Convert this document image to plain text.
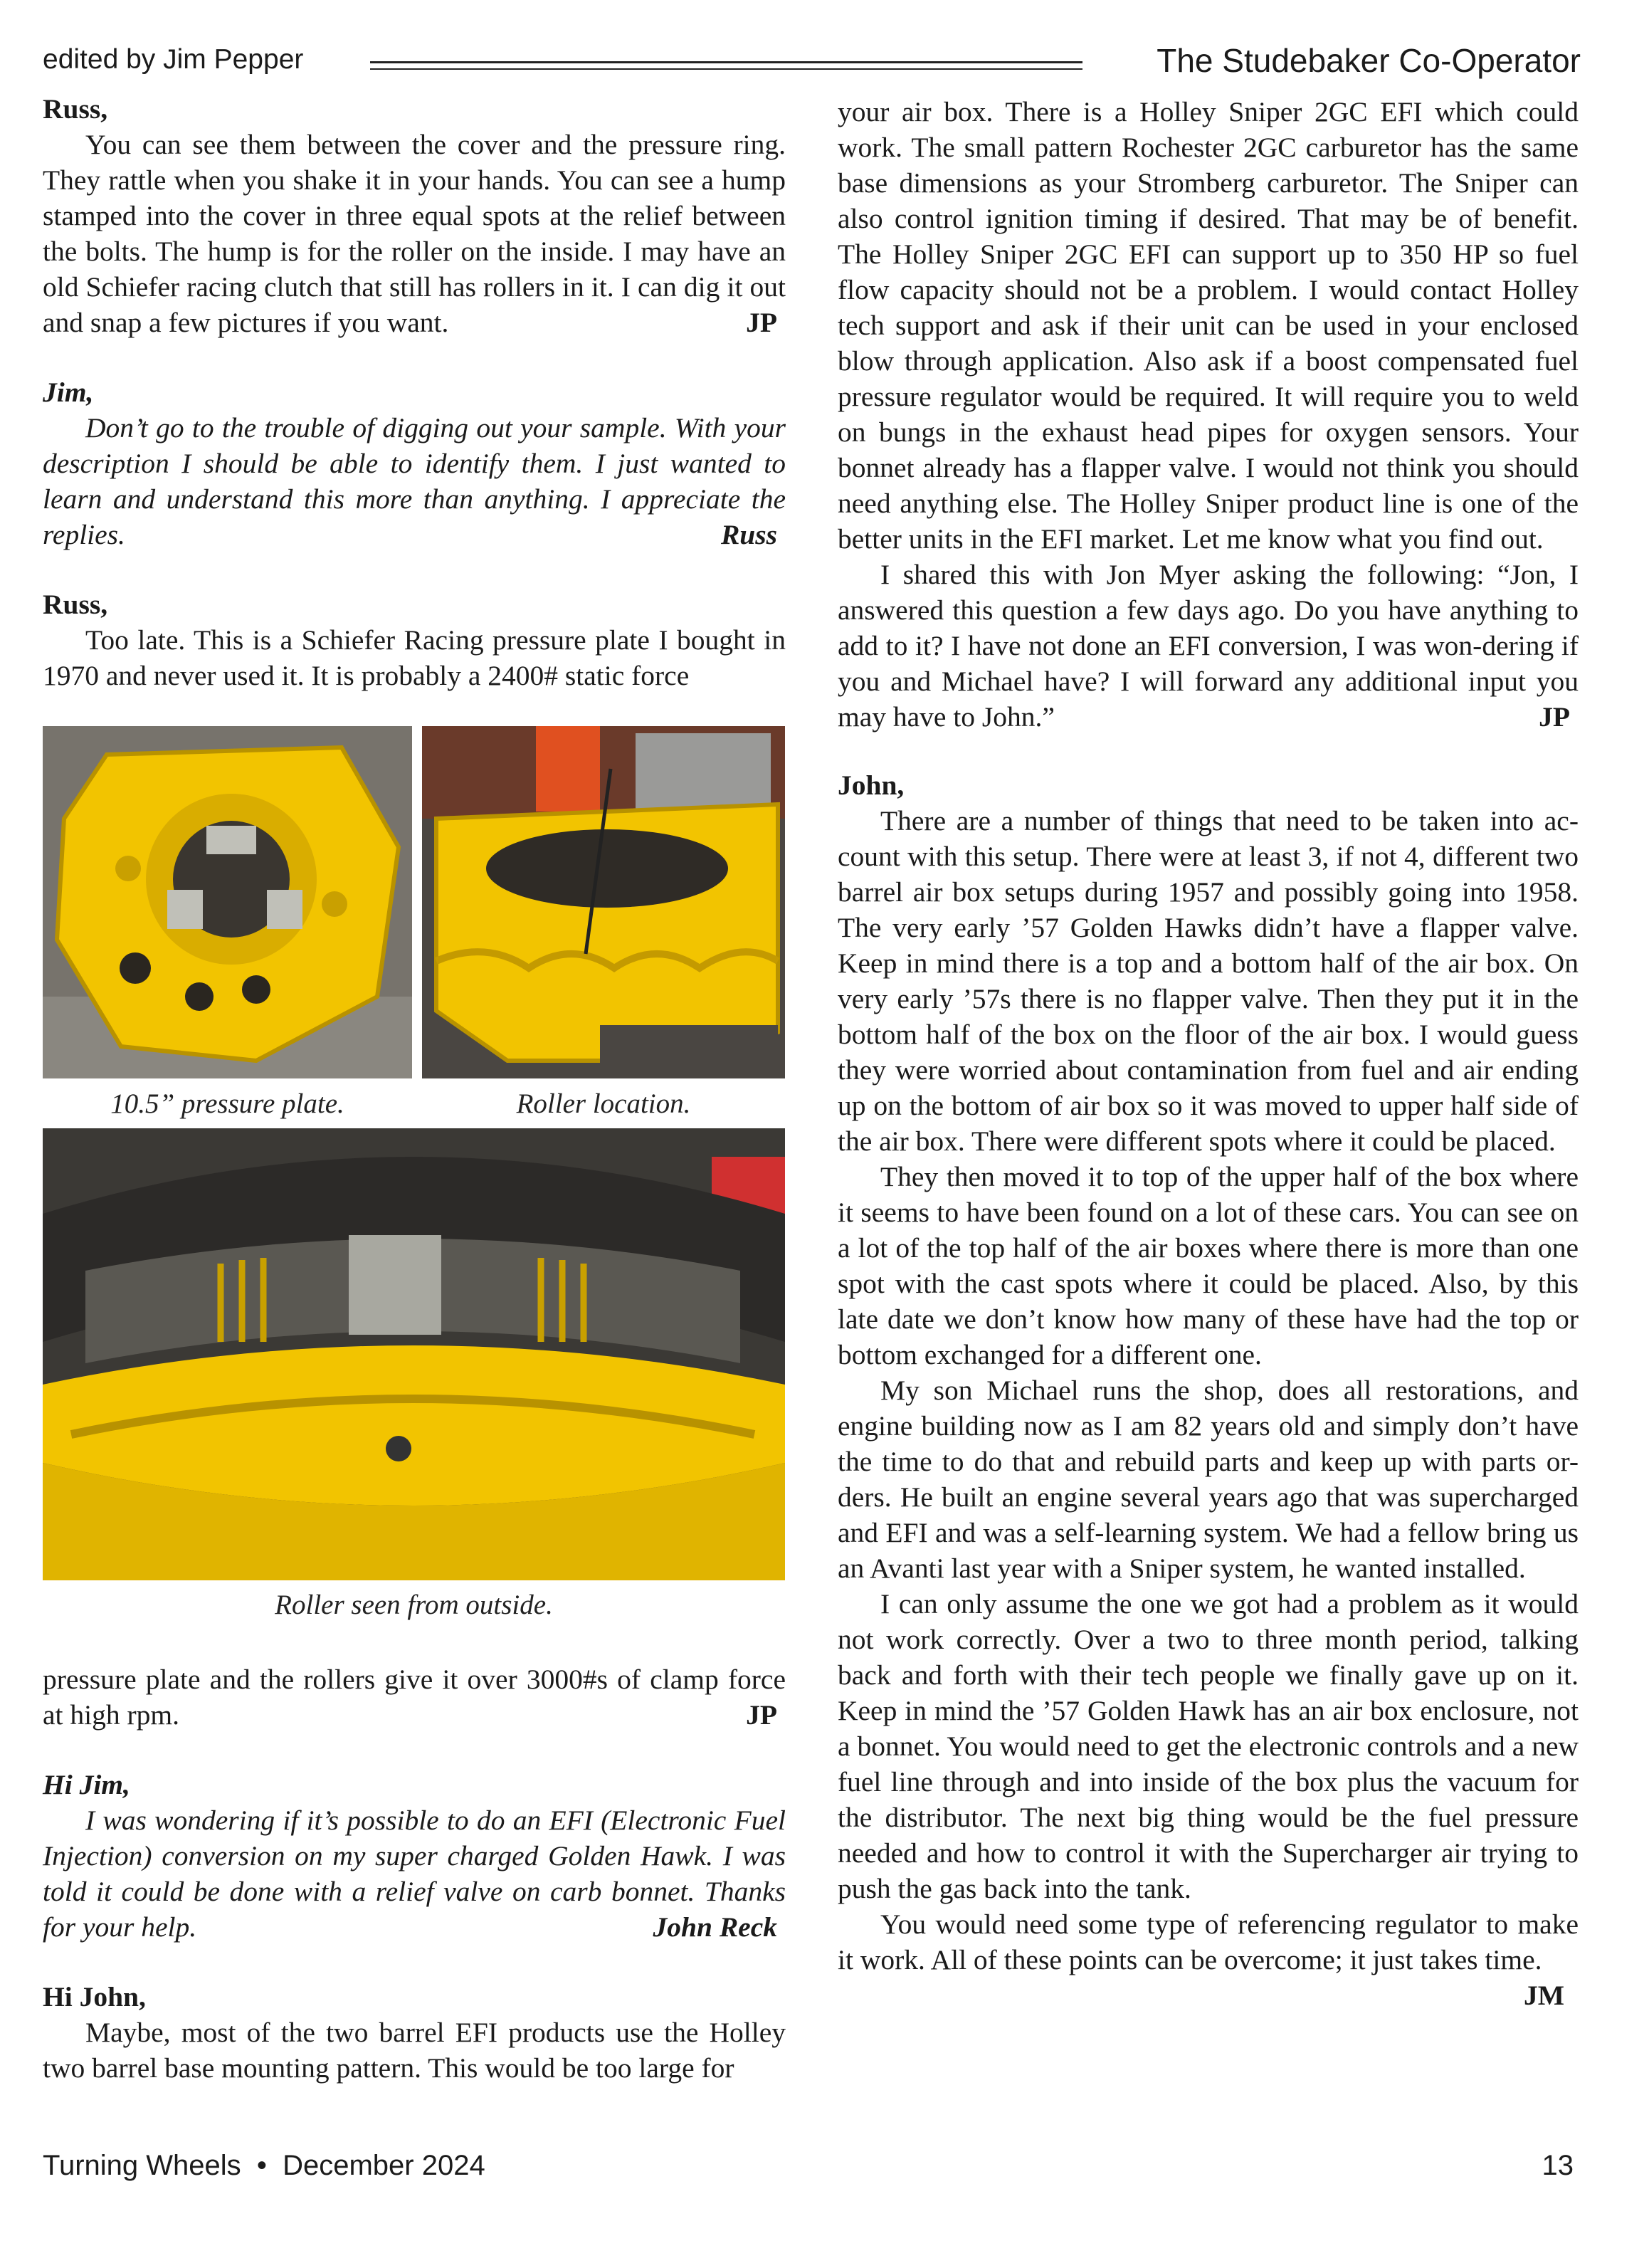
edited by Jim Pepper	The Studebaker Co-Operator
Russ,

You can see them between the cover and the pressure ring. They rattle when you shake it in your hands. You can see a hump stamped into the cover in three equal spots at the relief between the bolts. The hump is for the roller on the inside. I may have an old Schiefer racing clutch that still has rollers in it. I can dig it out and snap a few pictures if you want.	JP

Jim,

Don’t go to the trouble of digging out your sample. With your description I should be able to identify them. I just wanted to learn and understand this more than anything. I appreciate the replies.	Russ

Russ,

Too late. This is a Schiefer Racing pressure plate I bought in 1970 and never used it. It is probably a 2400# static force

10.5” pressure plate.	Roller location.
Roller seen from outside.

pressure plate and the rollers give it over 3000#s of clamp force at high rpm.	JP

Hi Jim,

I was wondering if it’s possible to do an EFI (Electronic Fuel Injection) conversion on my super charged Golden Hawk. I was told it could be done with a relief valve on carb bonnet. Thanks for your help.	John Reck

Hi John,

Maybe, most of the two barrel EFI products use the Holley two barrel base mounting pattern. This would be too large for

your air box. There is a Holley Sniper 2GC EFI which could work. The small pattern Rochester 2GC carburetor has the same base dimensions as your Stromberg carburetor. The Sniper can also control ignition timing if desired. That may be of benefit. The Holley Sniper 2GC EFI can support up to 350 HP so fuel flow capacity should not be a problem. I would contact Holley tech support and ask if their unit can be used in your enclosed blow through application. Also ask if a boost compensated fuel pressure regulator would be required. It will require you to weld on bungs in the exhaust head pipes for oxygen sensors. Your bonnet already has a flapper valve. I would not think you should need anything else. The Holley Sniper product line is one of the better units in the EFI market. Let me know what you find out.

I shared this with Jon Myer asking the following: “Jon, I answered this question a few days ago. Do you have anything to add to it? I have not done an EFI conversion, I was won-dering if you and Michael have? I will forward any additional input you may have to John.”	JP

John,

There are a number of things that need to be taken into ac-count with this setup. There were at least 3, if not 4, different two barrel air box setups during 1957 and possibly going into 1958. The very early ’57 Golden Hawks didn’t have a flapper valve. Keep in mind there is a top and a bottom half of the air box. On very early ’57s there is no flapper valve. Then they put it in the bottom half of the box on the floor of the air box. I would guess they were worried about contamination from fuel and air ending up on the bottom of air box so it was moved to upper half side of the air box. There were different spots where it could be placed.

They then moved it to top of the upper half of the box where it seems to have been found on a lot of these cars. You can see on a lot of the top half of the air boxes where there is more than one spot with the cast spots where it could be placed. Also, by this late date we don’t know how many of these have had the top or bottom exchanged for a different one.

My son Michael runs the shop, does all restorations, and engine building now as I am 82 years old and simply don’t have the time to do that and rebuild parts and keep up with parts or-ders. He built an engine several years ago that was supercharged and EFI and was a self-learning system. We had a fellow bring us an Avanti last year with a Sniper system, he wanted installed.

I can only assume the one we got had a problem as it would not work correctly. Over a two to three month period, talking back and forth with their tech people we finally gave up on it. Keep in mind the ’57 Golden Hawk has an air box enclosure, not a bonnet. You would need to get the electronic controls and a new fuel line through and into inside of the box plus the vacuum for the distributor. The next big thing would be the fuel pressure needed and how to control it with the Supercharger air trying to push the gas back into the tank.

You would need some type of referencing regulator to make it work. All of these points can be overcome; it just takes time.

JM
Turning Wheels  •  December 2024	13
